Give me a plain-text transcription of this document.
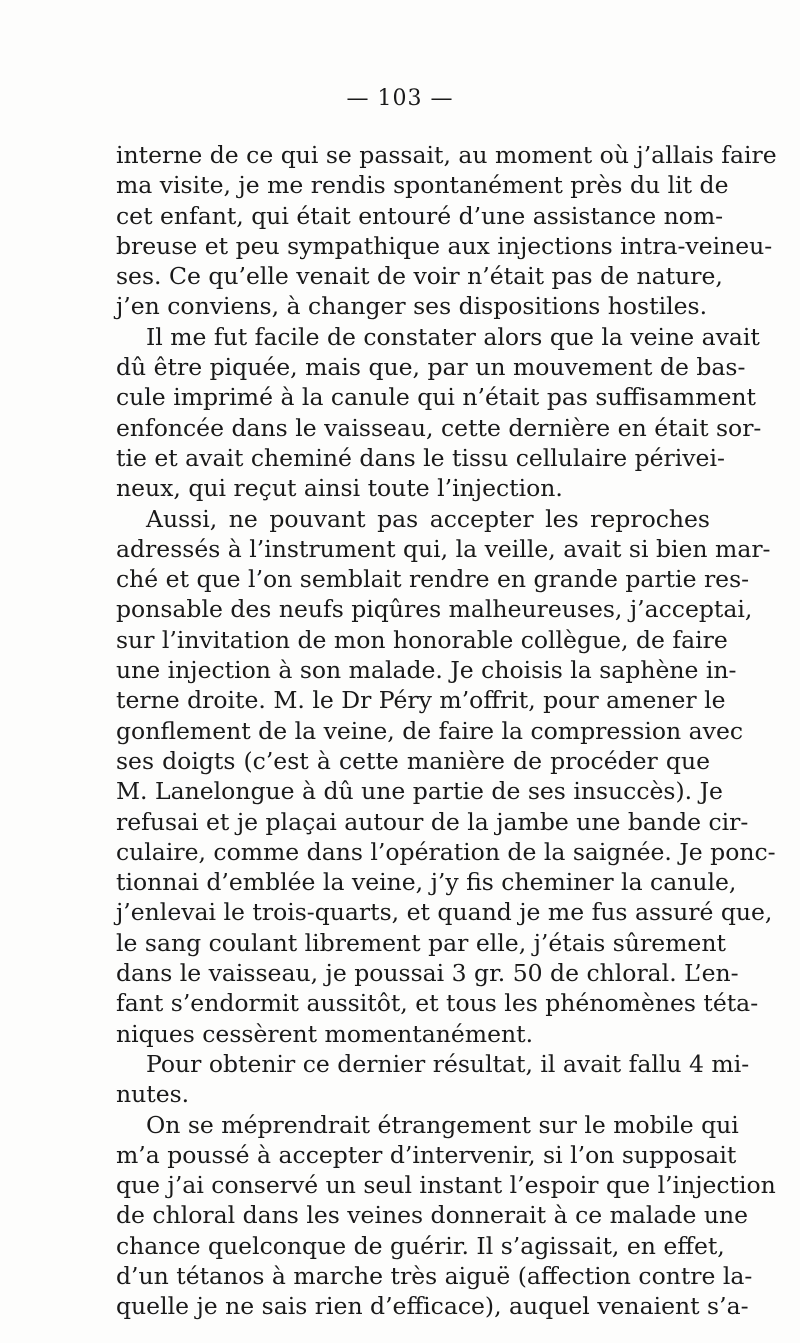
— 103 —
interne de ce qui se passait, au moment où j’allais faire
ma visite, je me rendis spontanément près du lit de
cet enfant, qui était entouré d’une assistance nom-
breuse et peu sympathique aux injections intra-veineu-
ses. Ce qu’elle venait de voir n’était pas de nature,
j’en conviens, à changer ses dispositions hostiles.
Il me fut facile de constater alors que la veine avait
dû être piquée, mais que, par un mouvement de bas-
cule imprimé à la canule qui n’était pas suffisamment
enfoncée dans le vaisseau, cette dernière en était sor-
tie et avait cheminé dans le tissu cellulaire périvei-
neux, qui reçut ainsi toute l’injection.
Aussi, ne pouvant pas accepter les reproches
adressés à l’instrument qui, la veille, avait si bien mar-
ché et que l’on semblait rendre en grande partie res-
ponsable des neufs piqûres malheureuses, j’acceptai,
sur l’invitation de mon honorable collègue, de faire
une injection à son malade. Je choisis la saphène in-
terne droite. M. le Dr Péry m’offrit, pour amener le
gonflement de la veine, de faire la compression avec
ses doigts (c’est à cette manière de procéder que
M. Lanelongue à dû une partie de ses insuccès). Je
refusai et je plaçai autour de la jambe une bande cir-
culaire, comme dans l’opération de la saignée. Je ponc-
tionnai d’emblée la veine, j’y fis cheminer la canule,
j’enlevai le trois-quarts, et quand je me fus assuré que,
le sang coulant librement par elle, j’étais sûrement
dans le vaisseau, je poussai 3 gr. 50 de chloral. L’en-
fant s’endormit aussitôt, et tous les phénomènes téta-
niques cessèrent momentanément.
Pour obtenir ce dernier résultat, il avait fallu 4 mi-
nutes.
On se méprendrait étrangement sur le mobile qui
m’a poussé à accepter d’intervenir, si l’on supposait
que j’ai conservé un seul instant l’espoir que l’injection
de chloral dans les veines donnerait à ce malade une
chance quelconque de guérir. Il s’agissait, en effet,
d’un tétanos à marche très aiguë (affection contre la-
quelle je ne sais rien d’efficace), auquel venaient s’a-
